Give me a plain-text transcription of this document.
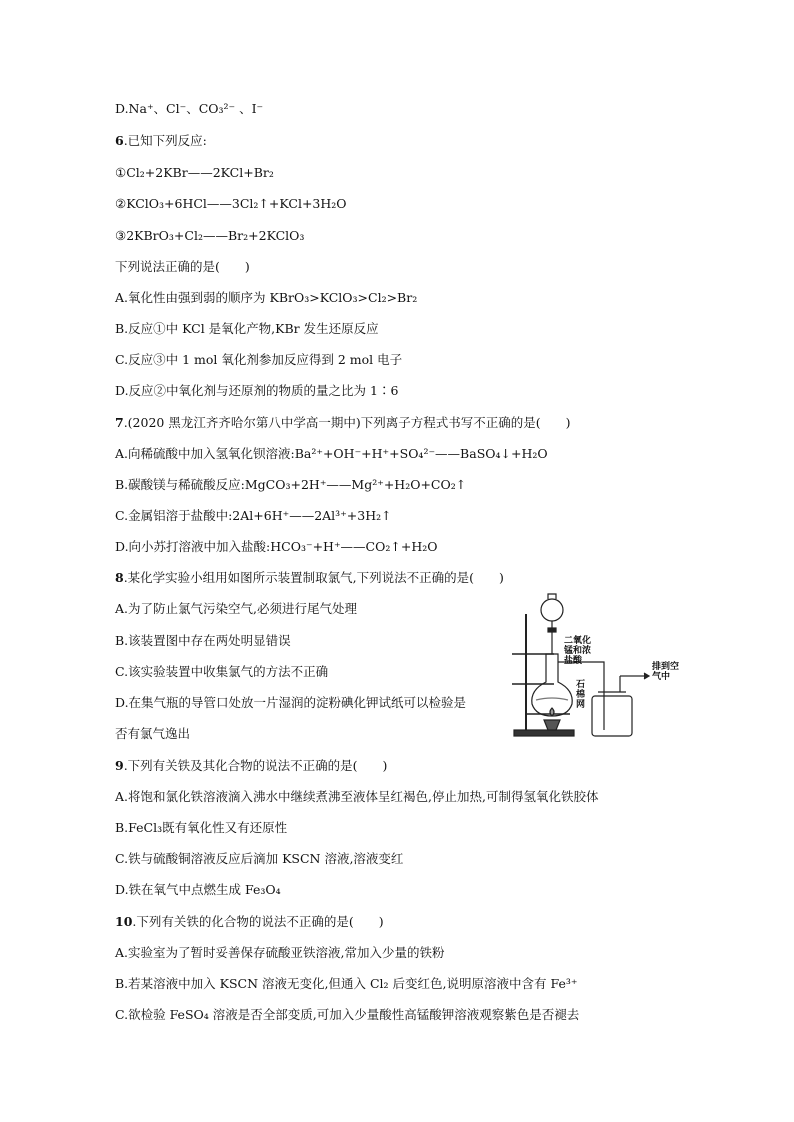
D.Na⁺、Cl⁻、CO₃²⁻ 、I⁻
6.已知下列反应:
①Cl₂+2KBr——2KCl+Br₂
②KClO₃+6HCl——3Cl₂↑+KCl+3H₂O
③2KBrO₃+Cl₂——Br₂+2KClO₃
下列说法正确的是(　　)
A.氧化性由强到弱的顺序为 KBrO₃>KClO₃>Cl₂>Br₂
B.反应①中 KCl 是氧化产物,KBr 发生还原反应
C.反应③中 1 mol 氧化剂参加反应得到 2 mol 电子
D.反应②中氧化剂与还原剂的物质的量之比为 1∶6
7.(2020 黑龙江齐齐哈尔第八中学高一期中)下列离子方程式书写不正确的是(　　)
A.向稀硫酸中加入氢氧化钡溶液:Ba²⁺+OH⁻+H⁺+SO₄²⁻——BaSO₄↓+H₂O
B.碳酸镁与稀硫酸反应:MgCO₃+2H⁺——Mg²⁺+H₂O+CO₂↑
C.金属铝溶于盐酸中:2Al+6H⁺——2Al³⁺+3H₂↑
D.向小苏打溶液中加入盐酸:HCO₃⁻+H⁺——CO₂↑+H₂O
8.某化学实验小组用如图所示装置制取氯气,下列说法不正确的是(　　)
A.为了防止氯气污染空气,必须进行尾气处理
B.该装置图中存在两处明显错误
C.该实验装置中收集氯气的方法不正确
D.在集气瓶的导管口处放一片湿润的淀粉碘化钾试纸可以检验是
否有氯气逸出
二氧化
锰和浓
盐酸
石
棉
网
排到空
气中
9.下列有关铁及其化合物的说法不正确的是(　　)
A.将饱和氯化铁溶液滴入沸水中继续煮沸至液体呈红褐色,停止加热,可制得氢氧化铁胶体
B.FeCl₃既有氧化性又有还原性
C.铁与硫酸铜溶液反应后滴加 KSCN 溶液,溶液变红
D.铁在氧气中点燃生成 Fe₃O₄
10.下列有关铁的化合物的说法不正确的是(　　)
A.实验室为了暂时妥善保存硫酸亚铁溶液,常加入少量的铁粉
B.若某溶液中加入 KSCN 溶液无变化,但通入 Cl₂ 后变红色,说明原溶液中含有 Fe³⁺
C.欲检验 FeSO₄ 溶液是否全部变质,可加入少量酸性高锰酸钾溶液观察紫色是否褪去
